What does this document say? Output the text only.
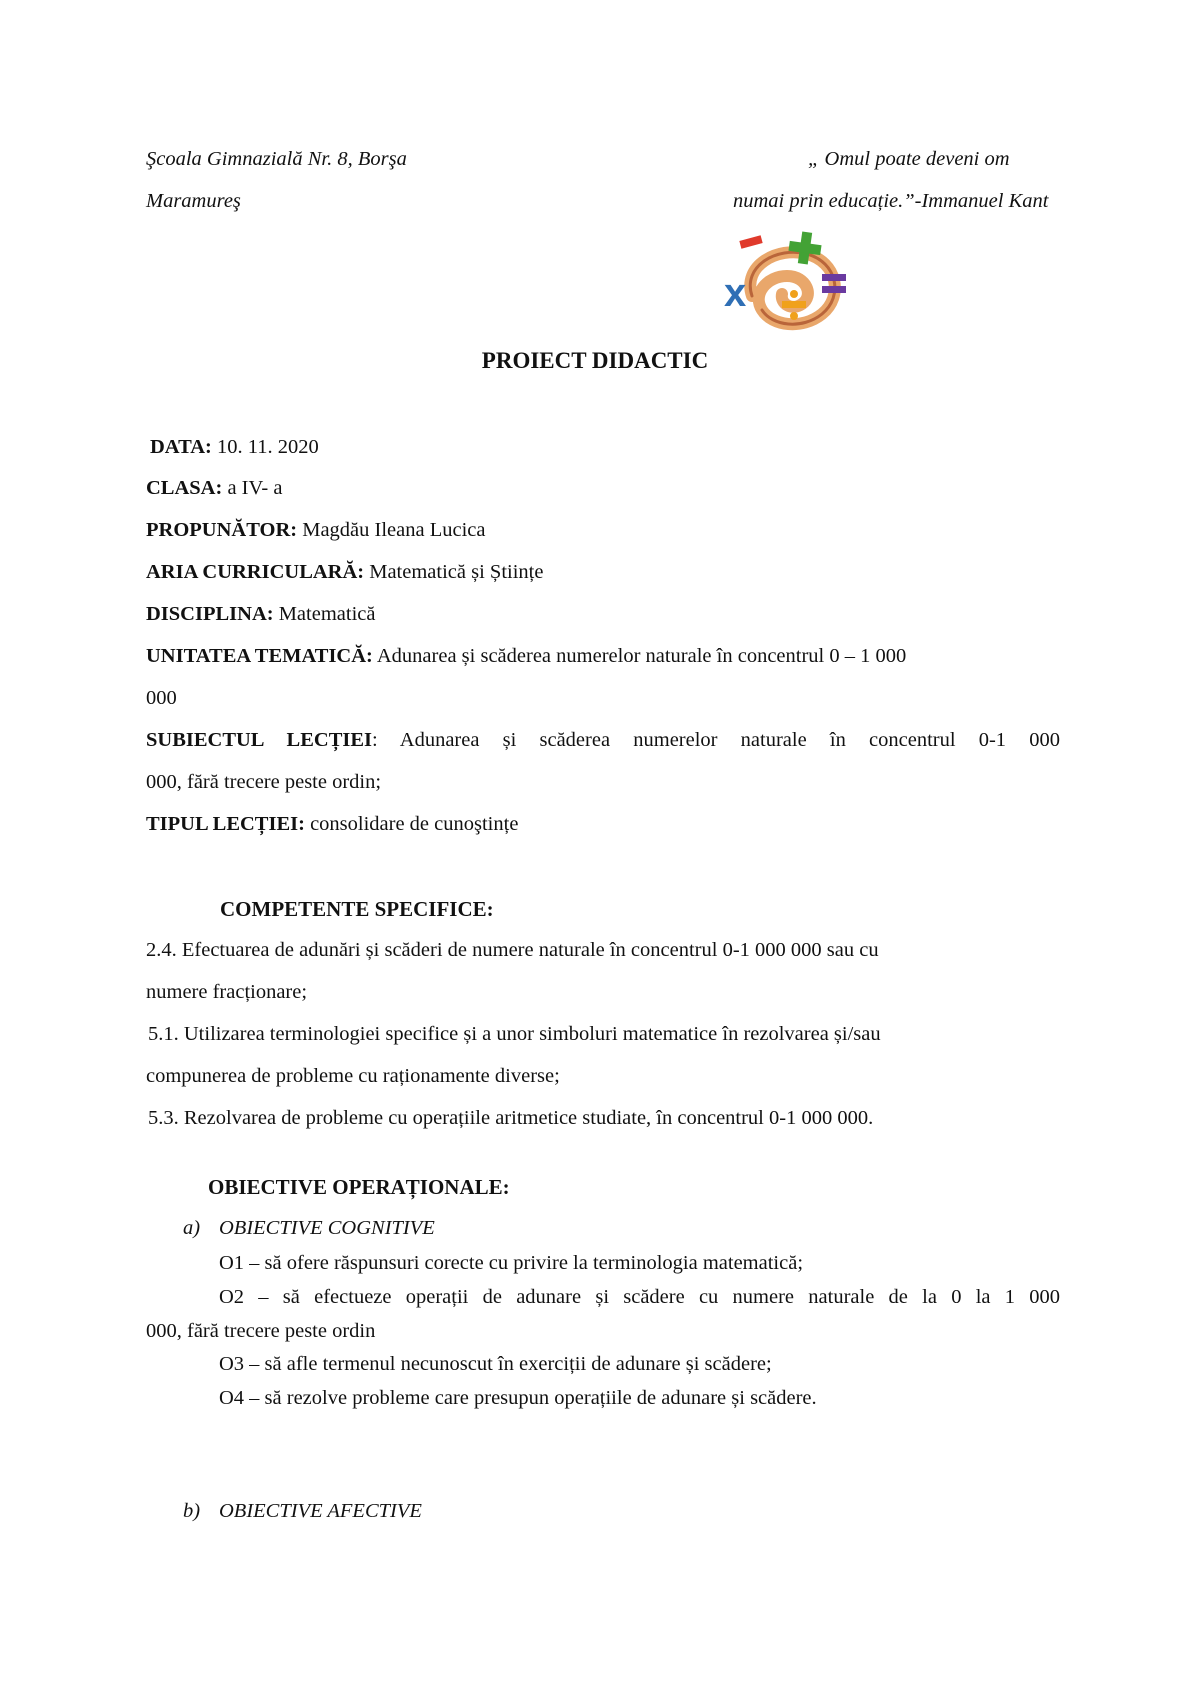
Şcoala Gimnazială Nr. 8, Borşa
Maramureş
„ Omul poate deveni om
numai prin educație.”-Immanuel Kant
x
PROIECT DIDACTIC
DATA: 10. 11. 2020
CLASA: a IV- a
PROPUNĂTOR: Magdău Ileana Lucica
ARIA CURRICULARĂ: Matematică și Științe
DISCIPLINA: Matematică
UNITATEA TEMATICĂ: Adunarea și scăderea numerelor naturale în concentrul 0 – 1 000
000
SUBIECTUL LECȚIEI: Adunarea și scăderea numerelor naturale în concentrul 0-1 000
000, fără trecere peste ordin;
TIPUL LECȚIEI: consolidare de cunoştințe
COMPETENTE SPECIFICE:
2.4. Efectuarea de adunări și scăderi de numere naturale în concentrul 0-1 000 000 sau cu
numere fracționare;
5.1. Utilizarea terminologiei specifice și a unor simboluri matematice în rezolvarea și/sau
compunerea de probleme cu raționamente diverse;
5.3. Rezolvarea de probleme cu operațiile aritmetice studiate, în concentrul 0-1 000 000.
OBIECTIVE OPERAȚIONALE:
a) OBIECTIVE COGNITIVE
O1 – să ofere răspunsuri corecte cu privire la terminologia matematică;
O2 – să efectueze operații de adunare și scădere cu numere naturale de la 0 la 1 000
000, fără trecere peste ordin
O3 – să afle termenul necunoscut în exerciții de adunare și scădere;
O4 – să rezolve probleme care presupun operațiile de adunare și scădere.
b) OBIECTIVE AFECTIVE
